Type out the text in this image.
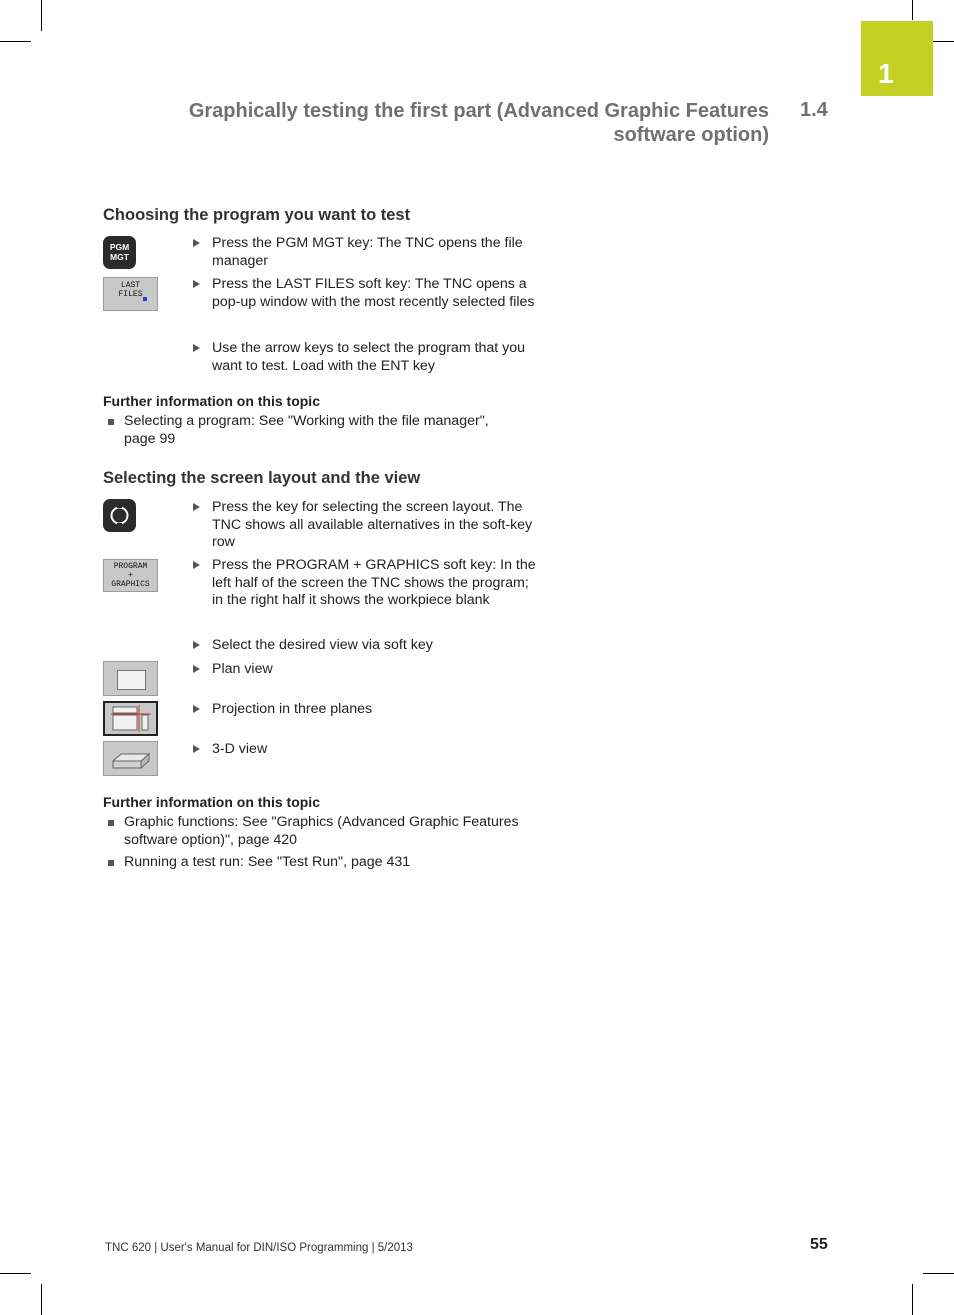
1
Graphically testing the first part (Advanced Graphic Features software option)
1.4
Choosing the program you want to test
PGM MGT
Press the PGM MGT key: The TNC opens the file manager
LAST
FILES
Press the LAST FILES soft key: The TNC opens a pop-up window with the most recently selected files
Use the arrow keys to select the program that you want to test. Load with the ENT key
Further information on this topic
Selecting a program: See "Working with the file manager", page 99
Selecting the screen layout and the view
Press the key for selecting the screen layout. The TNC shows all available alternatives in the soft-key row
PROGRAM
+
GRAPHICS
Press the PROGRAM + GRAPHICS soft key: In the left half of the screen the TNC shows the program; in the right half it shows the workpiece blank
Select the desired view via soft key
Plan view
Projection in three planes
3-D view
Further information on this topic
Graphic functions: See "Graphics (Advanced Graphic Features software option)", page 420
Running a test run: See "Test Run", page 431
TNC 620 | User's Manual for DIN/ISO Programming | 5/2013	55
